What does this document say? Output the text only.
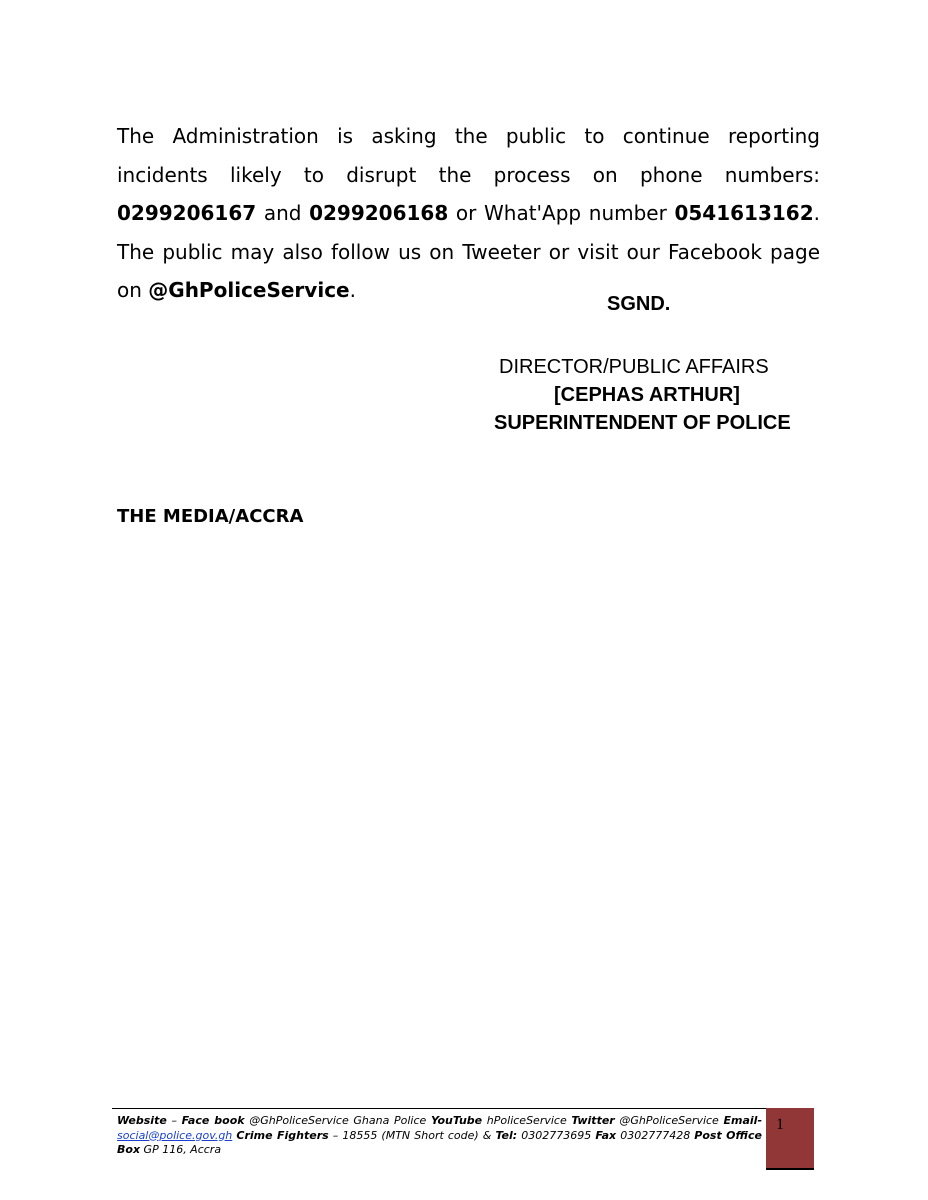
The Administration is asking the public to continue reporting incidents likely to disrupt the process on phone numbers: 0299206167 and 0299206168 or What'App number 0541613162. The public may also follow us on Tweeter or visit our Facebook page on @GhPoliceService.

SGND.
DIRECTOR/PUBLIC AFFAIRS
[CEPHAS ARTHUR]
SUPERINTENDENT OF POLICE
THE MEDIA/ACCRA
Website – Face book @GhPoliceService Ghana Police YouTube hPoliceService Twitter @GhPoliceService Email- social@police.gov.gh Crime Fighters – 18555 (MTN Short code) & Tel: 0302773695 Fax 0302777428 Post Office Box GP 116, Accra
1
